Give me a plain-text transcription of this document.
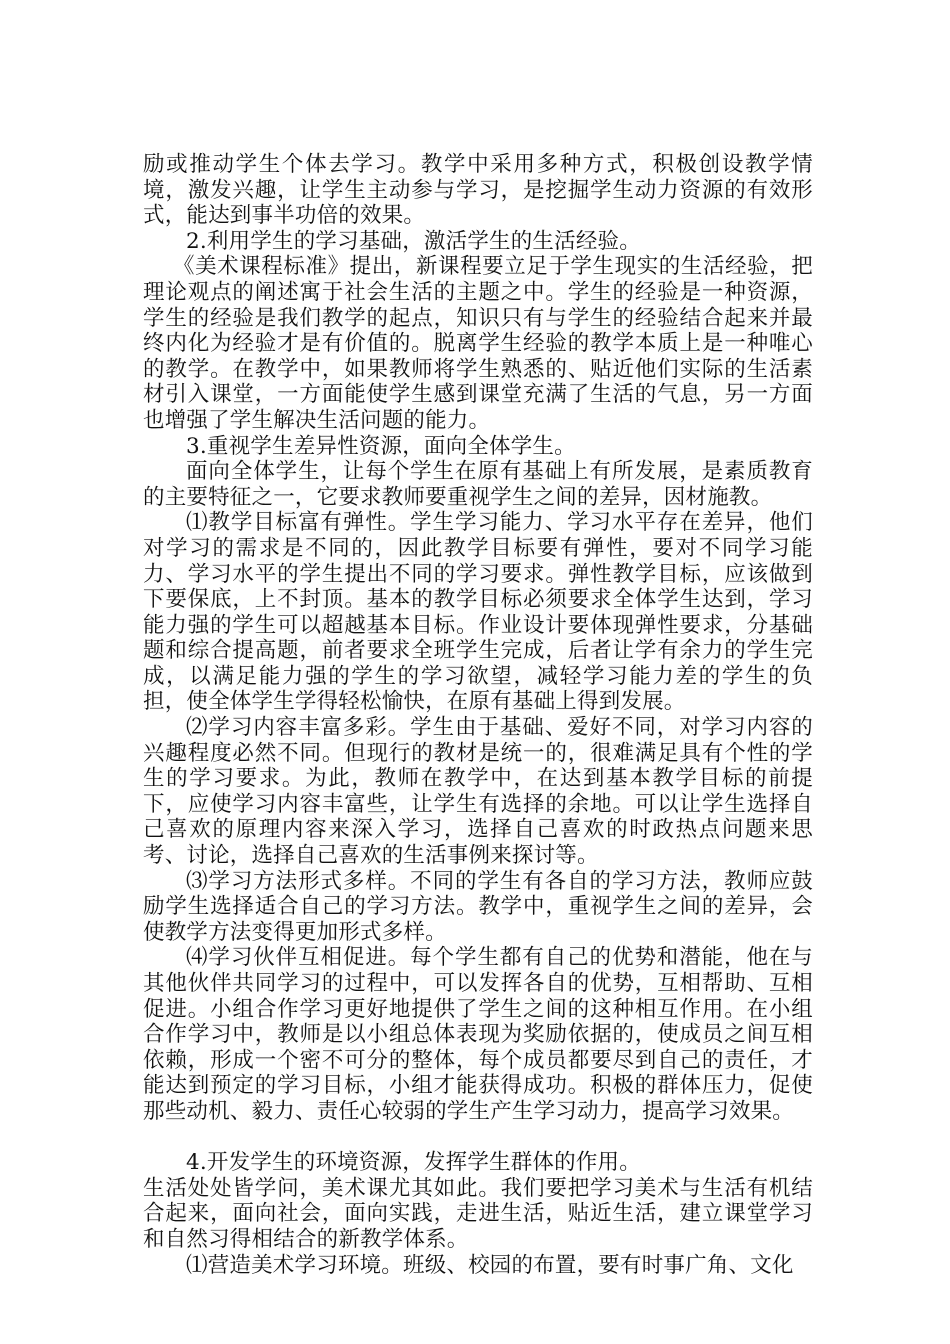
励或推动学生个体去学习。教学中采用多种方式，积极创设教学情境，激发兴趣，让学生主动参与学习，是挖掘学生动力资源的有效形式，能达到事半功倍的效果。

2.利用学生的学习基础，激活学生的生活经验。

《美术课程标准》提出，新课程要立足于学生现实的生活经验，把理论观点的阐述寓于社会生活的主题之中。学生的经验是一种资源，学生的经验是我们教学的起点，知识只有与学生的经验结合起来并最终内化为经验才是有价值的。脱离学生经验的教学本质上是一种唯心的教学。在教学中，如果教师将学生熟悉的、贴近他们实际的生活素材引入课堂，一方面能使学生感到课堂充满了生活的气息，另一方面也增强了学生解决生活问题的能力。

3.重视学生差异性资源，面向全体学生。

面向全体学生，让每个学生在原有基础上有所发展，是素质教育的主要特征之一，它要求教师要重视学生之间的差异，因材施教。

⑴教学目标富有弹性。学生学习能力、学习水平存在差异，他们对学习的需求是不同的，因此教学目标要有弹性，要对不同学习能力、学习水平的学生提出不同的学习要求。弹性教学目标，应该做到下要保底，上不封顶。基本的教学目标必须要求全体学生达到，学习能力强的学生可以超越基本目标。作业设计要体现弹性要求，分基础题和综合提高题，前者要求全班学生完成，后者让学有余力的学生完成，以满足能力强的学生的学习欲望，减轻学习能力差的学生的负担，使全体学生学得轻松愉快，在原有基础上得到发展。

⑵学习内容丰富多彩。学生由于基础、爱好不同，对学习内容的兴趣程度必然不同。但现行的教材是统一的，很难满足具有个性的学生的学习要求。为此，教师在教学中，在达到基本教学目标的前提下，应使学习内容丰富些，让学生有选择的余地。可以让学生选择自己喜欢的原理内容来深入学习，选择自己喜欢的时政热点问题来思考、讨论，选择自己喜欢的生活事例来探讨等。

⑶学习方法形式多样。不同的学生有各自的学习方法，教师应鼓励学生选择适合自己的学习方法。教学中，重视学生之间的差异，会使教学方法变得更加形式多样。

⑷学习伙伴互相促进。每个学生都有自己的优势和潜能，他在与其他伙伴共同学习的过程中，可以发挥各自的优势，互相帮助、互相促进。小组合作学习更好地提供了学生之间的这种相互作用。在小组合作学习中，教师是以小组总体表现为奖励依据的，使成员之间互相依赖，形成一个密不可分的整体，每个成员都要尽到自己的责任，才能达到预定的学习目标，小组才能获得成功。积极的群体压力，促使那些动机、毅力、责任心较弱的学生产生学习动力，提高学习效果。

4.开发学生的环境资源，发挥学生群体的作用。

生活处处皆学问，美术课尤其如此。我们要把学习美术与生活有机结合起来，面向社会，面向实践，走进生活，贴近生活，建立课堂学习和自然习得相结合的新教学体系。

⑴营造美术学习环境。班级、校园的布置，要有时事广角、文化
